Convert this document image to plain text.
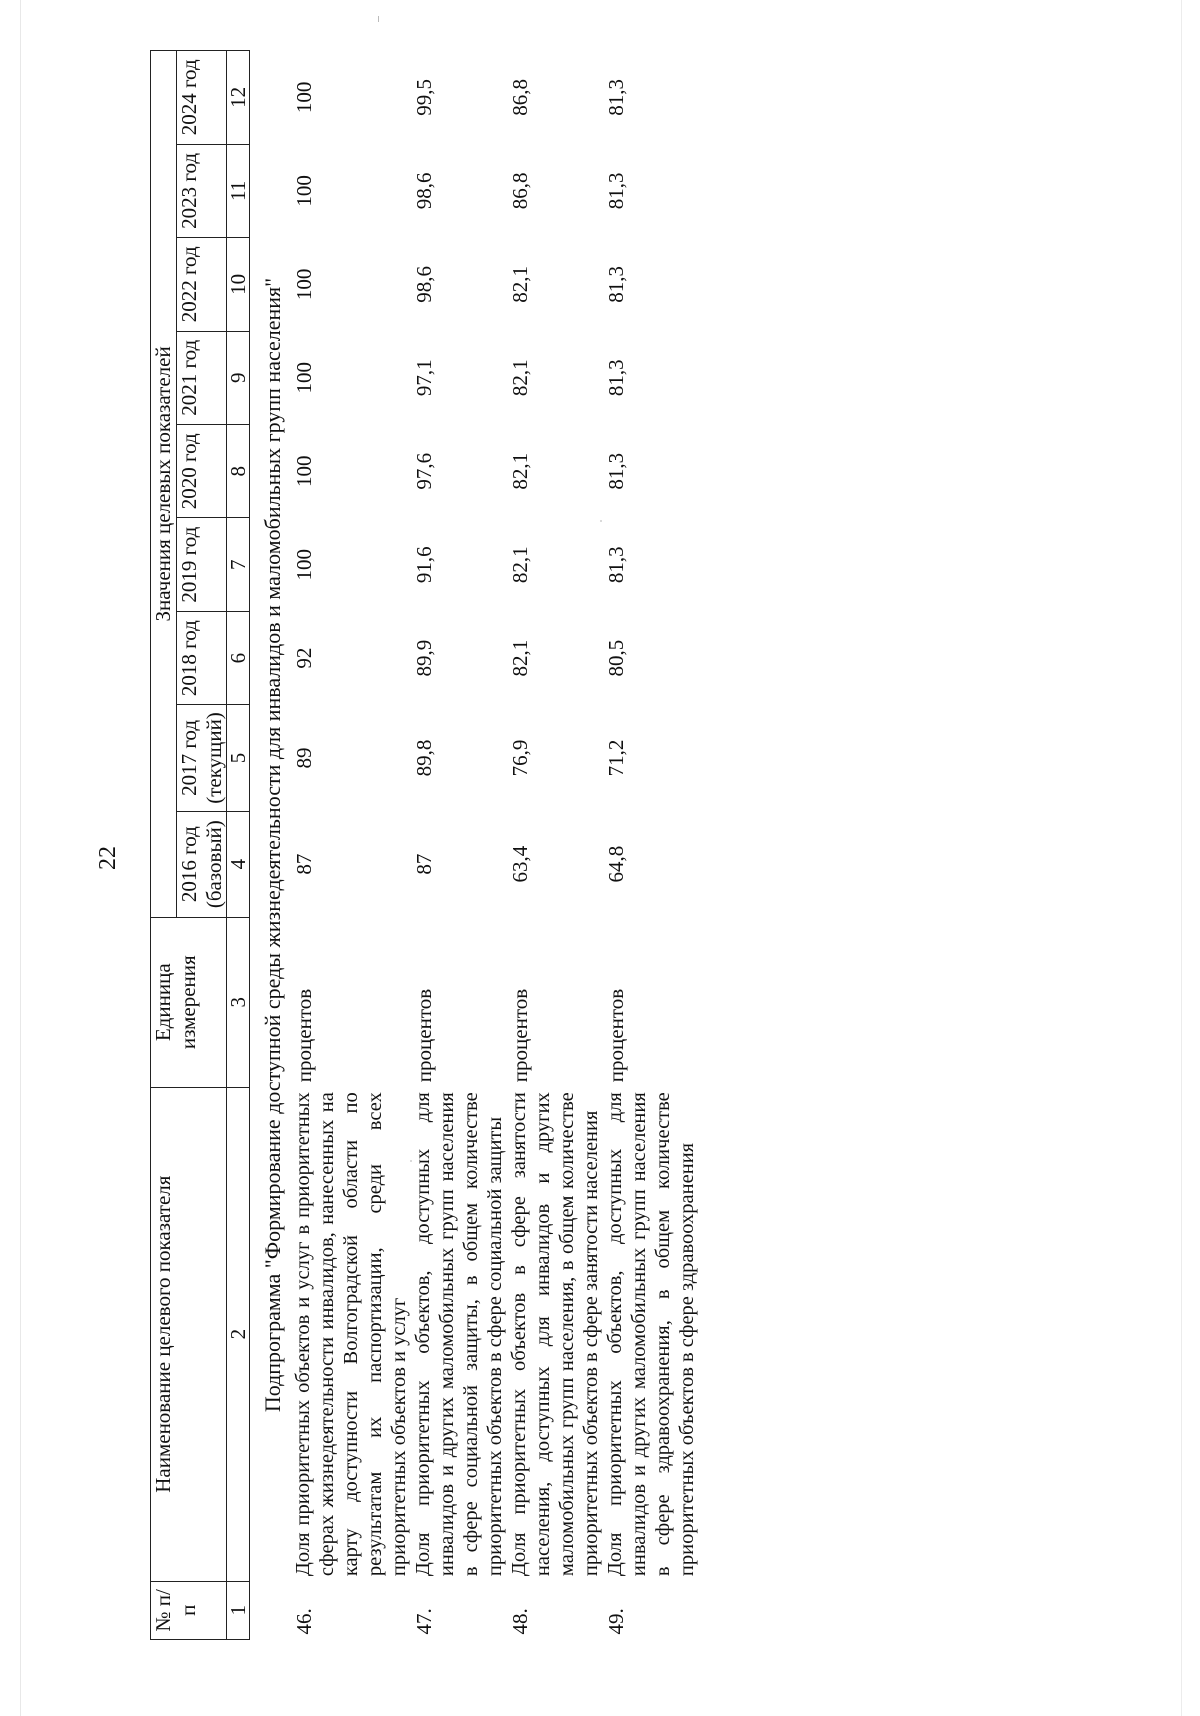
22
№ п/п	Наименование целевого показателя	Единица измерения	Значения целевых показателей								
			2016 год (базовый)	2017 год (текущий)	2018 год	2019 год	2020 год	2021 год	2022 год	2023 год	2024 год
1	2	3	4	5	6	7	8	9	10	11	12
Подпрограмма "Формирование доступной среды жизнедеятельности для инвалидов и маломобильных групп населения"											
46.	Доля приоритетных объектов и услуг в приоритетных сферах жизнедеятельности инвалидов, нанесенных на карту доступности Волгоградской области по результатам их паспортизации, среди всех приоритетных объектов и услуг	процентов	87	89	92	100	100	100	100	100	100
47.	Доля приоритетных объектов, доступных для инвалидов и других маломобильных групп населения в сфере социальной защиты, в общем количестве приоритетных объектов в сфере социальной защиты	процентов	87	89,8	89,9	91,6	97,6	97,1	98,6	98,6	99,5
48.	Доля приоритетных объектов в сфере занятости населения, доступных для инвалидов и других маломобильных групп населения, в общем количестве приоритетных объектов в сфере занятости населения	процентов	63,4	76,9	82,1	82,1	82,1	82,1	82,1	86,8	86,8
49.	Доля приоритетных объектов, доступных для инвалидов и других маломобильных групп населения в сфере здравоохранения, в общем количестве приоритетных объектов в сфере здравоохранения	процентов	64,8	71,2	80,5	81,3	81,3	81,3	81,3	81,3	81,3
